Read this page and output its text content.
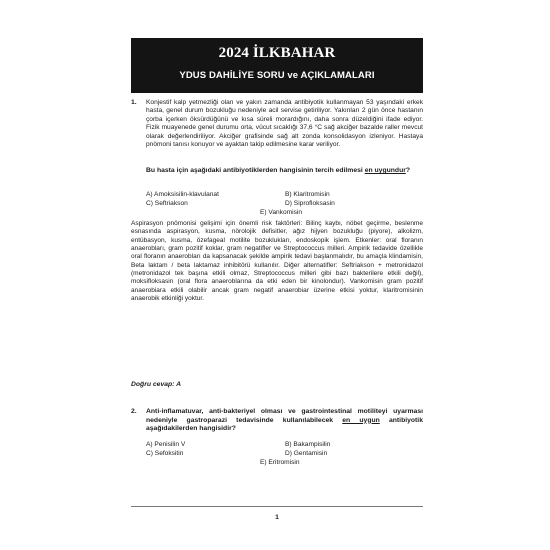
2024 İLKBAHAR
YDUS DAHİLİYE SORU ve AÇIKLAMALARI
1. Konjestif kalp yetmezliği olan ve yakın zamanda antibiyotik kullanmayan 53 yaşındaki erkek hasta, genel durum bozukluğu nedeniyle acil servise getiriliyor. Yakınları 2 gün önce hastanın çorba içerken öksürdüğünü ve kısa süreli morardığını, daha sonra düzeldiğini ifade ediyor. Fizik muayenede genel durumu orta, vücut sıcaklığı 37,6 °C sağ akciğer bazalde raller mevcut olarak değerlendiriliyor. Akciğer grafisinde sağ alt zonda konsolidasyon izleniyor. Hastaya pnömoni tanısı konuyor ve ayaktan takip edilmesine karar veriliyor.
Bu hasta için aşağıdaki antibiyotiklerden hangisinin tercih edilmesi en uygundur?
A) Amoksisilin-klavulanat	B) Klaritromisin
C) Seftriakson	D) Siprofloksasin
E) Vankomisin
Aspirasyon pnömonisi gelişimi için önemli risk faktörleri: Bilinç kaybı, nöbet geçirme, beslenme esnasında aspirasyon, kusma, nörolojik defisitler, ağız hijyen bozukluğu (piyore), alkolizm, entübasyon, kusma, özefageal motilite bozuklukları, endoskopik işlem. Etkenler: oral floranın anaerobları, gram pozitif koklar, gram negatifler ve Streptococcus milleri. Ampirik tedavide özellikle oral floranın anaerobları da kapsanacak şekilde ampirik tedavi başlanmalıdır, bu amaçla klindamisin, Beta laktam / beta laktamaz inhibitörü kullanılır. Diğer alternatifler: Seftriakson + metronidazol (metronidazol tek başına etkili olmaz, Streptococcus milleri gibi bazı bakterilere etkili değil), moksifloksasin (oral flora anaeroblarına da etki eden bir kinolondur). Vankomisin gram pozitif anaerobiara etkili olabilir ancak gram negatif anaerobiar üzerine etkisi yoktur, klaritromisinin anaerobik etkinliği yoktur.
Doğru cevap: A
2. Anti-inflamatuvar, anti-bakteriyel olması ve gastrointestinal motiliteyi uyarması nedeniyle gastroparazi tedavisinde kullanılabilecek en uygun antibiyotik aşağıdakilerden hangisidir?
A) Penisilin V	B) Bakampisilin
C) Sefoksitin	D) Gentamisin
E) Eritromisin
1
